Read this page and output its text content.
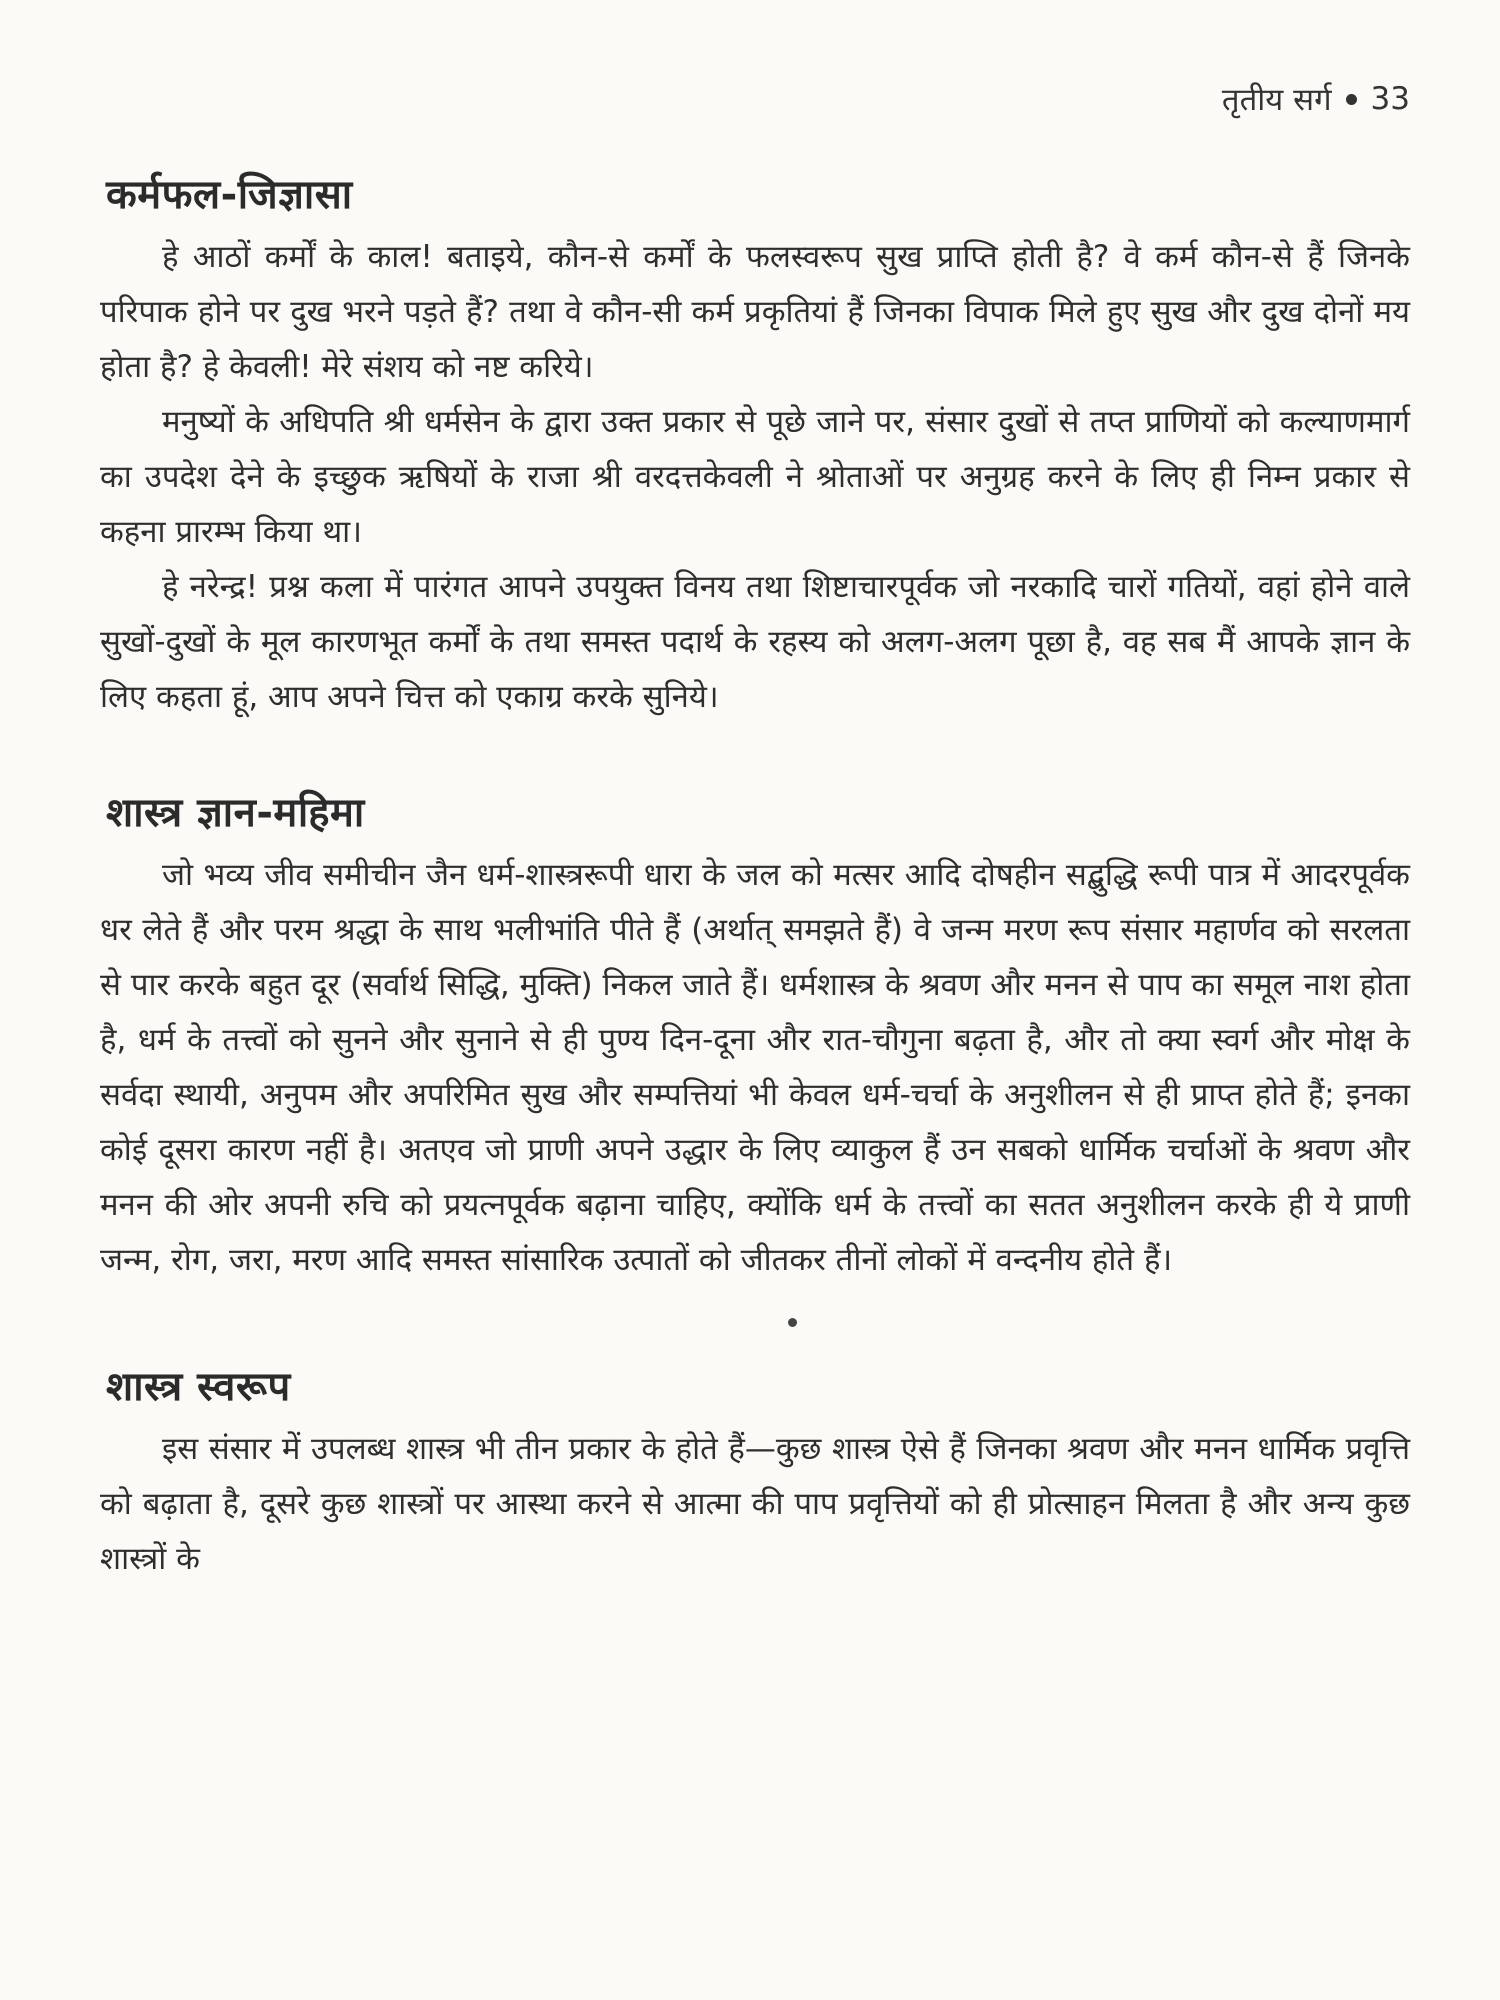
तृतीय सर्ग 33
कर्मफल-जिज्ञासा

हे आठों कर्मों के काल! बताइये, कौन-से कर्मों के फलस्वरूप सुख प्राप्ति होती है? वे कर्म कौन-से हैं जिनके परिपाक होने पर दुख भरने पड़ते हैं? तथा वे कौन-सी कर्म प्रकृतियां हैं जिनका विपाक मिले हुए सुख और दुख दोनों मय होता है? हे केवली! मेरे संशय को नष्ट करिये।

मनुष्यों के अधिपति श्री धर्मसेन के द्वारा उक्त प्रकार से पूछे जाने पर, संसार दुखों से तप्त प्राणियों को कल्याणमार्ग का उपदेश देने के इच्छुक ऋषियों के राजा श्री वरदत्तकेवली ने श्रोताओं पर अनुग्रह करने के लिए ही निम्न प्रकार से कहना प्रारम्भ किया था।

हे नरेन्द्र! प्रश्न कला में पारंगत आपने उपयुक्त विनय तथा शिष्टाचारपूर्वक जो नरकादि चारों गतियों, वहां होने वाले सुखों-दुखों के मूल कारणभूत कर्मों के तथा समस्त पदार्थ के रहस्य को अलग-अलग पूछा है, वह सब मैं आपके ज्ञान के लिए कहता हूं, आप अपने चित्त को एकाग्र करके सुनिये।

शास्त्र ज्ञान-महिमा

जो भव्य जीव समीचीन जैन धर्म-शास्त्ररूपी धारा के जल को मत्सर आदि दोषहीन सद्बुद्धि रूपी पात्र में आदरपूर्वक धर लेते हैं और परम श्रद्धा के साथ भलीभांति पीते हैं (अर्थात् समझते हैं) वे जन्म मरण रूप संसार महार्णव को सरलता से पार करके बहुत दूर (सर्वार्थ सिद्धि, मुक्ति) निकल जाते हैं। धर्मशास्त्र के श्रवण और मनन से पाप का समूल नाश होता है, धर्म के तत्त्वों को सुनने और सुनाने से ही पुण्य दिन-दूना और रात-चौगुना बढ़ता है, और तो क्या स्वर्ग और मोक्ष के सर्वदा स्थायी, अनुपम और अपरिमित सुख और सम्पत्तियां भी केवल धर्म-चर्चा के अनुशीलन से ही प्राप्त होते हैं; इनका कोई दूसरा कारण नहीं है। अतएव जो प्राणी अपने उद्धार के लिए व्याकुल हैं उन सबको धार्मिक चर्चाओं के श्रवण और मनन की ओर अपनी रुचि को प्रयत्नपूर्वक बढ़ाना चाहिए, क्योंकि धर्म के तत्त्वों का सतत अनुशीलन करके ही ये प्राणी जन्म, रोग, जरा, मरण आदि समस्त सांसारिक उत्पातों को जीतकर तीनों लोकों में वन्दनीय होते हैं।

शास्त्र स्वरूप

इस संसार में उपलब्ध शास्त्र भी तीन प्रकार के होते हैं—कुछ शास्त्र ऐसे हैं जिनका श्रवण और मनन धार्मिक प्रवृत्ति को बढ़ाता है, दूसरे कुछ शास्त्रों पर आस्था करने से आत्मा की पाप प्रवृत्तियों को ही प्रोत्साहन मिलता है और अन्य कुछ शास्त्रों के
